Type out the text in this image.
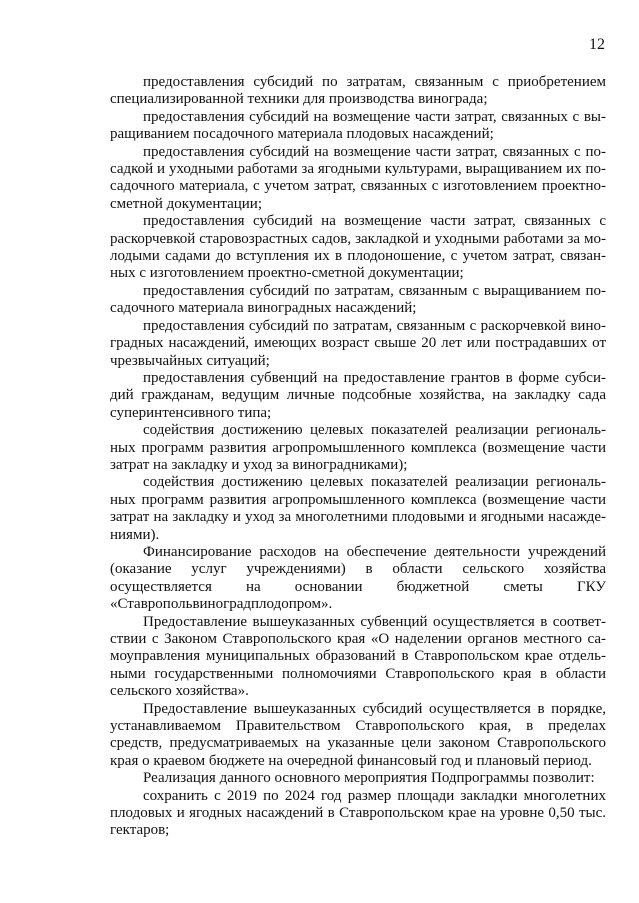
12

предоставления субсидий по затратам, связанным с приобретением специализированной техники для производства винограда;

предоставления субсидий на возмещение части затрат, связанных с выращиванием посадочного материала плодовых насаждений;

предоставления субсидий на возмещение части затрат, связанных с посадкой и уходными работами за ягодными культурами, выращиванием их посадочного материала, с учетом затрат, связанных с изготовлением проектно-сметной документации;

предоставления субсидий на возмещение части затрат, связанных с раскорчевкой старовозрастных садов, закладкой и уходными работами за молодыми садами до вступления их в плодоношение, с учетом затрат, связанных с изготовлением проектно-сметной документации;

предоставления субсидий по затратам, связанным с выращиванием посадочного материала виноградных насаждений;

предоставления субсидий по затратам, связанным с раскорчевкой виноградных насаждений, имеющих возраст свыше 20 лет или пострадавших от чрезвычайных ситуаций;

предоставления субвенций на предоставление грантов в форме субсидий гражданам, ведущим личные подсобные хозяйства, на закладку сада суперинтенсивного типа;

содействия достижению целевых показателей реализации региональных программ развития агропромышленного комплекса (возмещение части затрат на закладку и уход за виноградниками);

содействия достижению целевых показателей реализации региональных программ развития агропромышленного комплекса (возмещение части затрат на закладку и уход за многолетними плодовыми и ягодными насаждениями).

Финансирование расходов на обеспечение деятельности учреждений (оказание услуг учреждениями) в области сельского хозяйства осуществляется на основании бюджетной сметы ГКУ «Ставропольвиноградплодопром».

Предоставление вышеуказанных субвенций осуществляется в соответствии с Законом Ставропольского края «О наделении органов местного самоуправления муниципальных образований в Ставропольском крае отдельными государственными полномочиями Ставропольского края в области сельского хозяйства».

Предоставление вышеуказанных субсидий осуществляется в порядке, устанавливаемом Правительством Ставропольского края, в пределах средств, предусматриваемых на указанные цели законом Ставропольского края о краевом бюджете на очередной финансовый год и плановый период.

Реализация данного основного мероприятия Подпрограммы позволит:

сохранить с 2019 по 2024 год размер площади закладки многолетних плодовых и ягодных насаждений в Ставропольском крае на уровне 0,50 тыс. гектаров;
